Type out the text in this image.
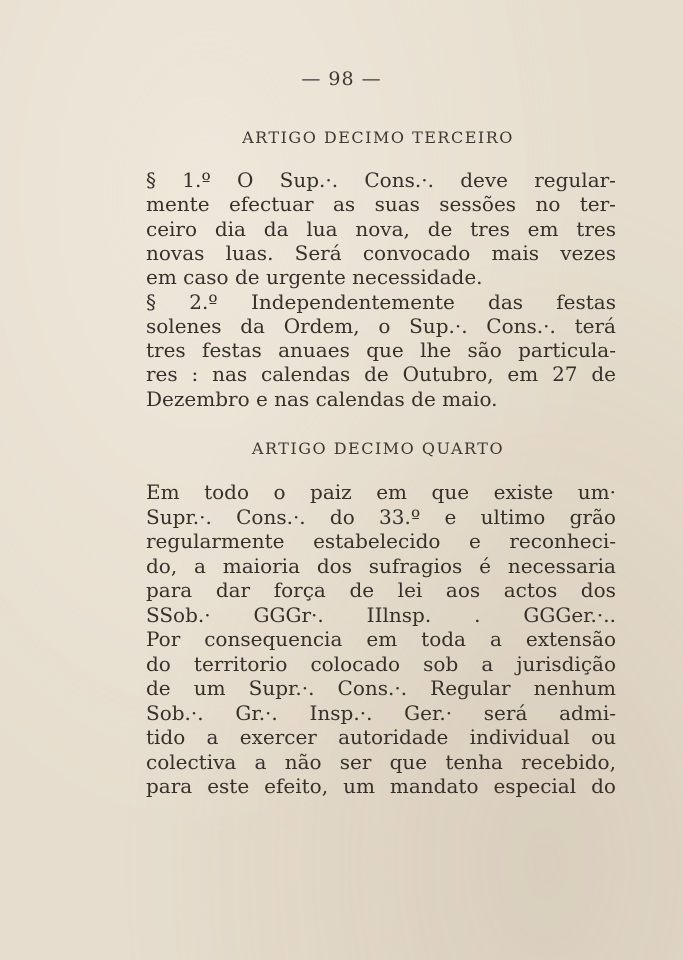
— 98 —
ARTIGO DECIMO TERCEIRO
§ 1.º O Sup.·. Cons.·. deve regular-
mente efectuar as suas sessões no ter-
ceiro dia da lua nova, de tres em tres
novas luas. Será convocado mais vezes
em caso de urgente necessidade.
§ 2.º Independentemente das festas
solenes da Ordem, o Sup.·. Cons.·. terá
tres festas anuaes que lhe são particula-
res : nas calendas de Outubro, em 27 de
Dezembro e nas calendas de maio.
ARTIGO DECIMO QUARTO
Em todo o paiz em que existe um·
Supr.·. Cons.·. do 33.º e ultimo grão
regularmente estabelecido e reconheci-
do, a maioria dos sufragios é necessaria
para dar força de lei aos actos dos
SSob.· GGGr·. IIlnsp. . GGGer.·..
Por consequencia em toda a extensão
do territorio colocado sob a jurisdição
de um Supr.·. Cons.·. Regular nenhum
Sob.·. Gr.·. Insp.·. Ger.· será admi-
tido a exercer autoridade individual ou
colectiva a não ser que tenha recebido,
para este efeito, um mandato especial do
